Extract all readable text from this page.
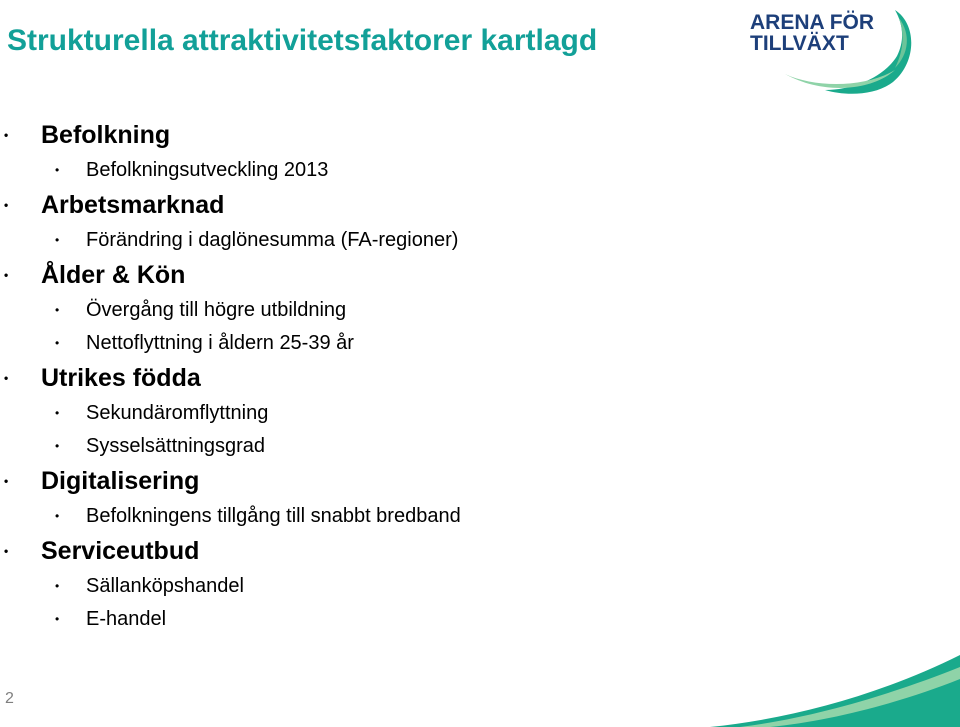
Strukturella attraktivitetsfaktorer kartlagd
ARENA FÖR
TILLVÄXT
• Befolkning
• Befolkningsutveckling 2013
• Arbetsmarknad
• Förändring i daglönesumma (FA-regioner)
• Ålder & Kön
• Övergång till högre utbildning
• Nettoflyttning i åldern 25-39 år
• Utrikes födda
• Sekundäromflyttning
• Sysselsättningsgrad
• Digitalisering
• Befolkningens tillgång till snabbt bredband
• Serviceutbud
• Sällanköpshandel
• E-handel
2
